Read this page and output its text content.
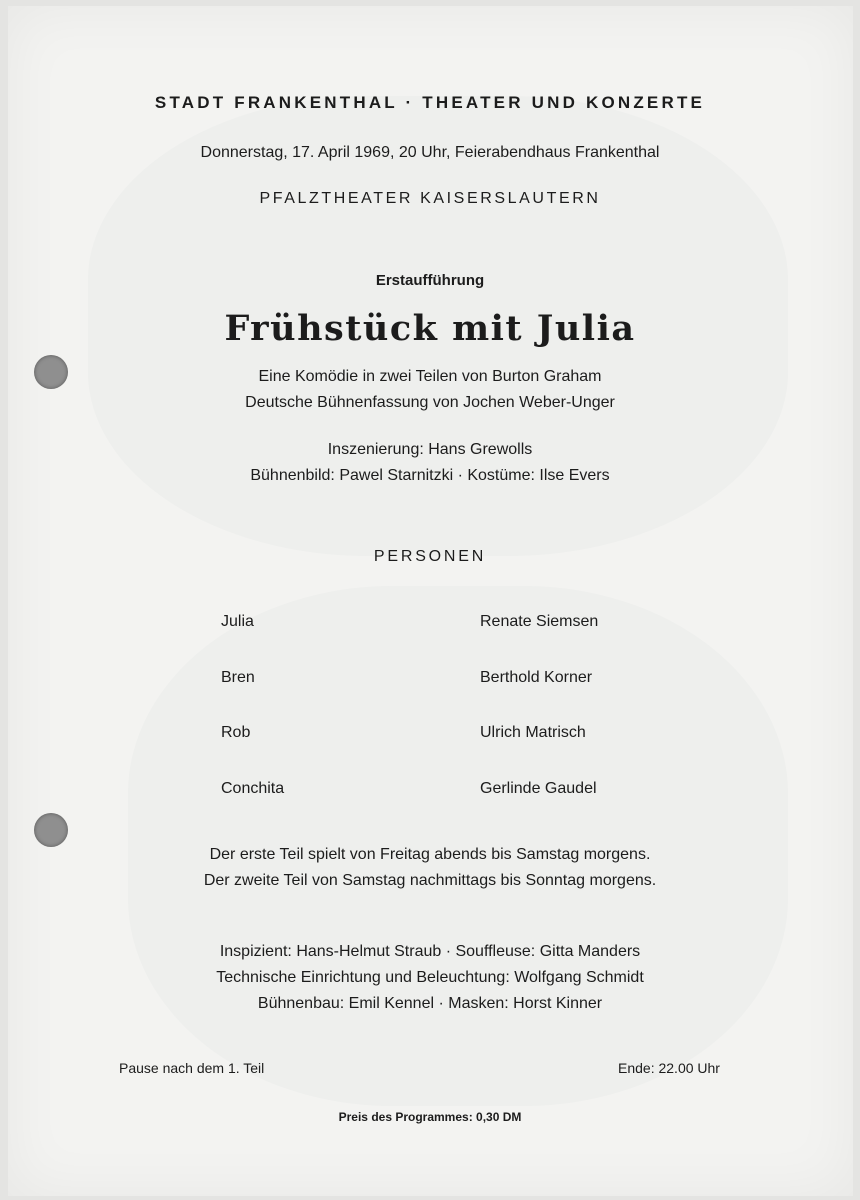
STADT FRANKENTHAL · THEATER UND KONZERTE
Donnerstag, 17. April 1969, 20 Uhr, Feierabendhaus Frankenthal
PFALZTHEATER KAISERSLAUTERN
Erstaufführung
Frühstück mit Julia
Eine Komödie in zwei Teilen von Burton Graham
Deutsche Bühnenfassung von Jochen Weber-Unger
Inszenierung: Hans Grewolls
Bühnenbild: Pawel Starnitzki · Kostüme: Ilse Evers
PERSONEN
Julia	Renate Siemsen
Bren	Berthold Korner
Rob	Ulrich Matrisch
Conchita	Gerlinde Gaudel
Der erste Teil spielt von Freitag abends bis Samstag morgens.
Der zweite Teil von Samstag nachmittags bis Sonntag morgens.
Inspizient: Hans-Helmut Straub · Souffleuse: Gitta Manders
Technische Einrichtung und Beleuchtung: Wolfgang Schmidt
Bühnenbau: Emil Kennel · Masken: Horst Kinner
Pause nach dem 1. Teil	Ende: 22.00 Uhr
Preis des Programmes: 0,30 DM
